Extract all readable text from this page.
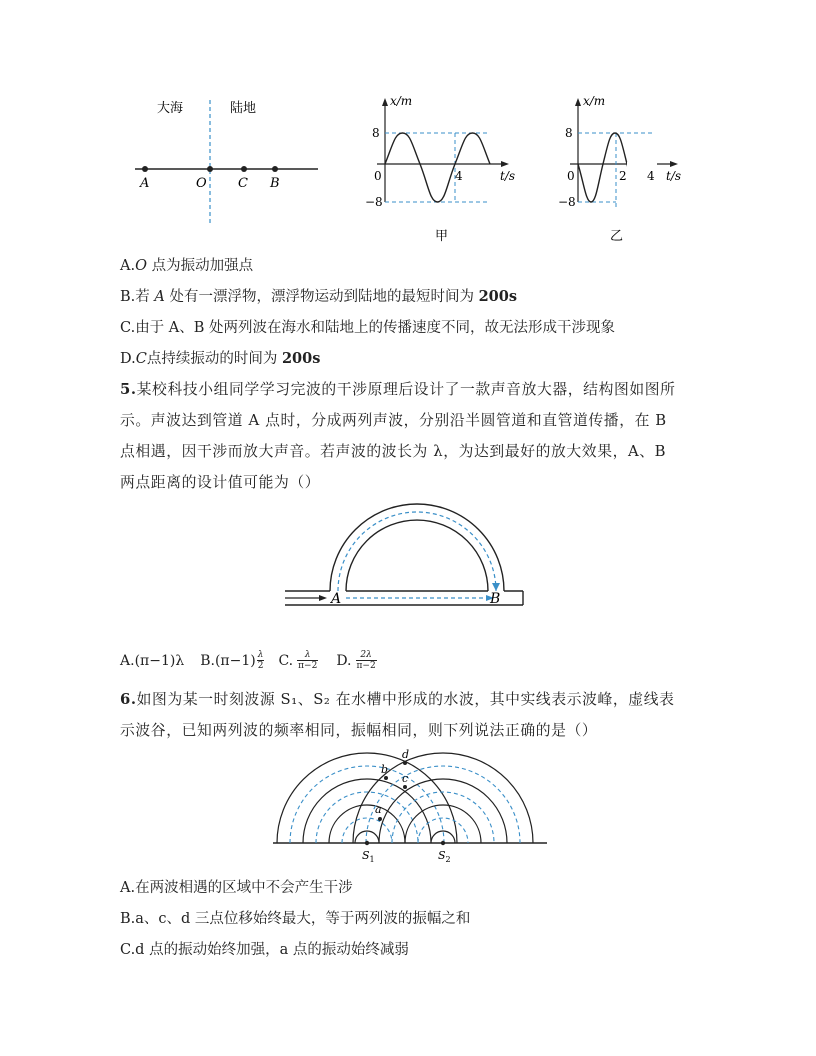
大海	陆地
A	O C B
x/m
t/s
8
−8
0	4
甲
x/m
t/s
8
−8
0	2 4
乙
A.O 点为振动加强点
B.若 A 处有一漂浮物，漂浮物运动到陆地的最短时间为 200s
C.由于 A、B 处两列波在海水和陆地上的传播速度不同，故无法形成干涉现象
D.C点持续振动的时间为 200s
5.某校科技小组同学学习完波的干涉原理后设计了一款声音放大器，结构图如图所
示。声波达到管道 A 点时，分成两列声波，分别沿半圆管道和直管道传播，在 B
点相遇，因干涉而放大声音。若声波的波长为 λ，为达到最好的放大效果，A、B
两点距离的设计值可能为（）
A	B
A.(π−1)λ B. (π−1) λ
2 C. λ
π−2 D. 2λ
π−2
6.如图为某一时刻波源 S₁、S₂ 在水槽中形成的水波，其中实线表示波峰，虚线表
示波谷，已知两列波的频率相同，振幅相同，则下列说法正确的是（）
a
b
c
d
$S_1$	$S_2$
A.在两波相遇的区域中不会产生干涉
B.a、c、d 三点位移始终最大，等于两列波的振幅之和
C.d 点的振动始终加强，a 点的振动始终减弱
